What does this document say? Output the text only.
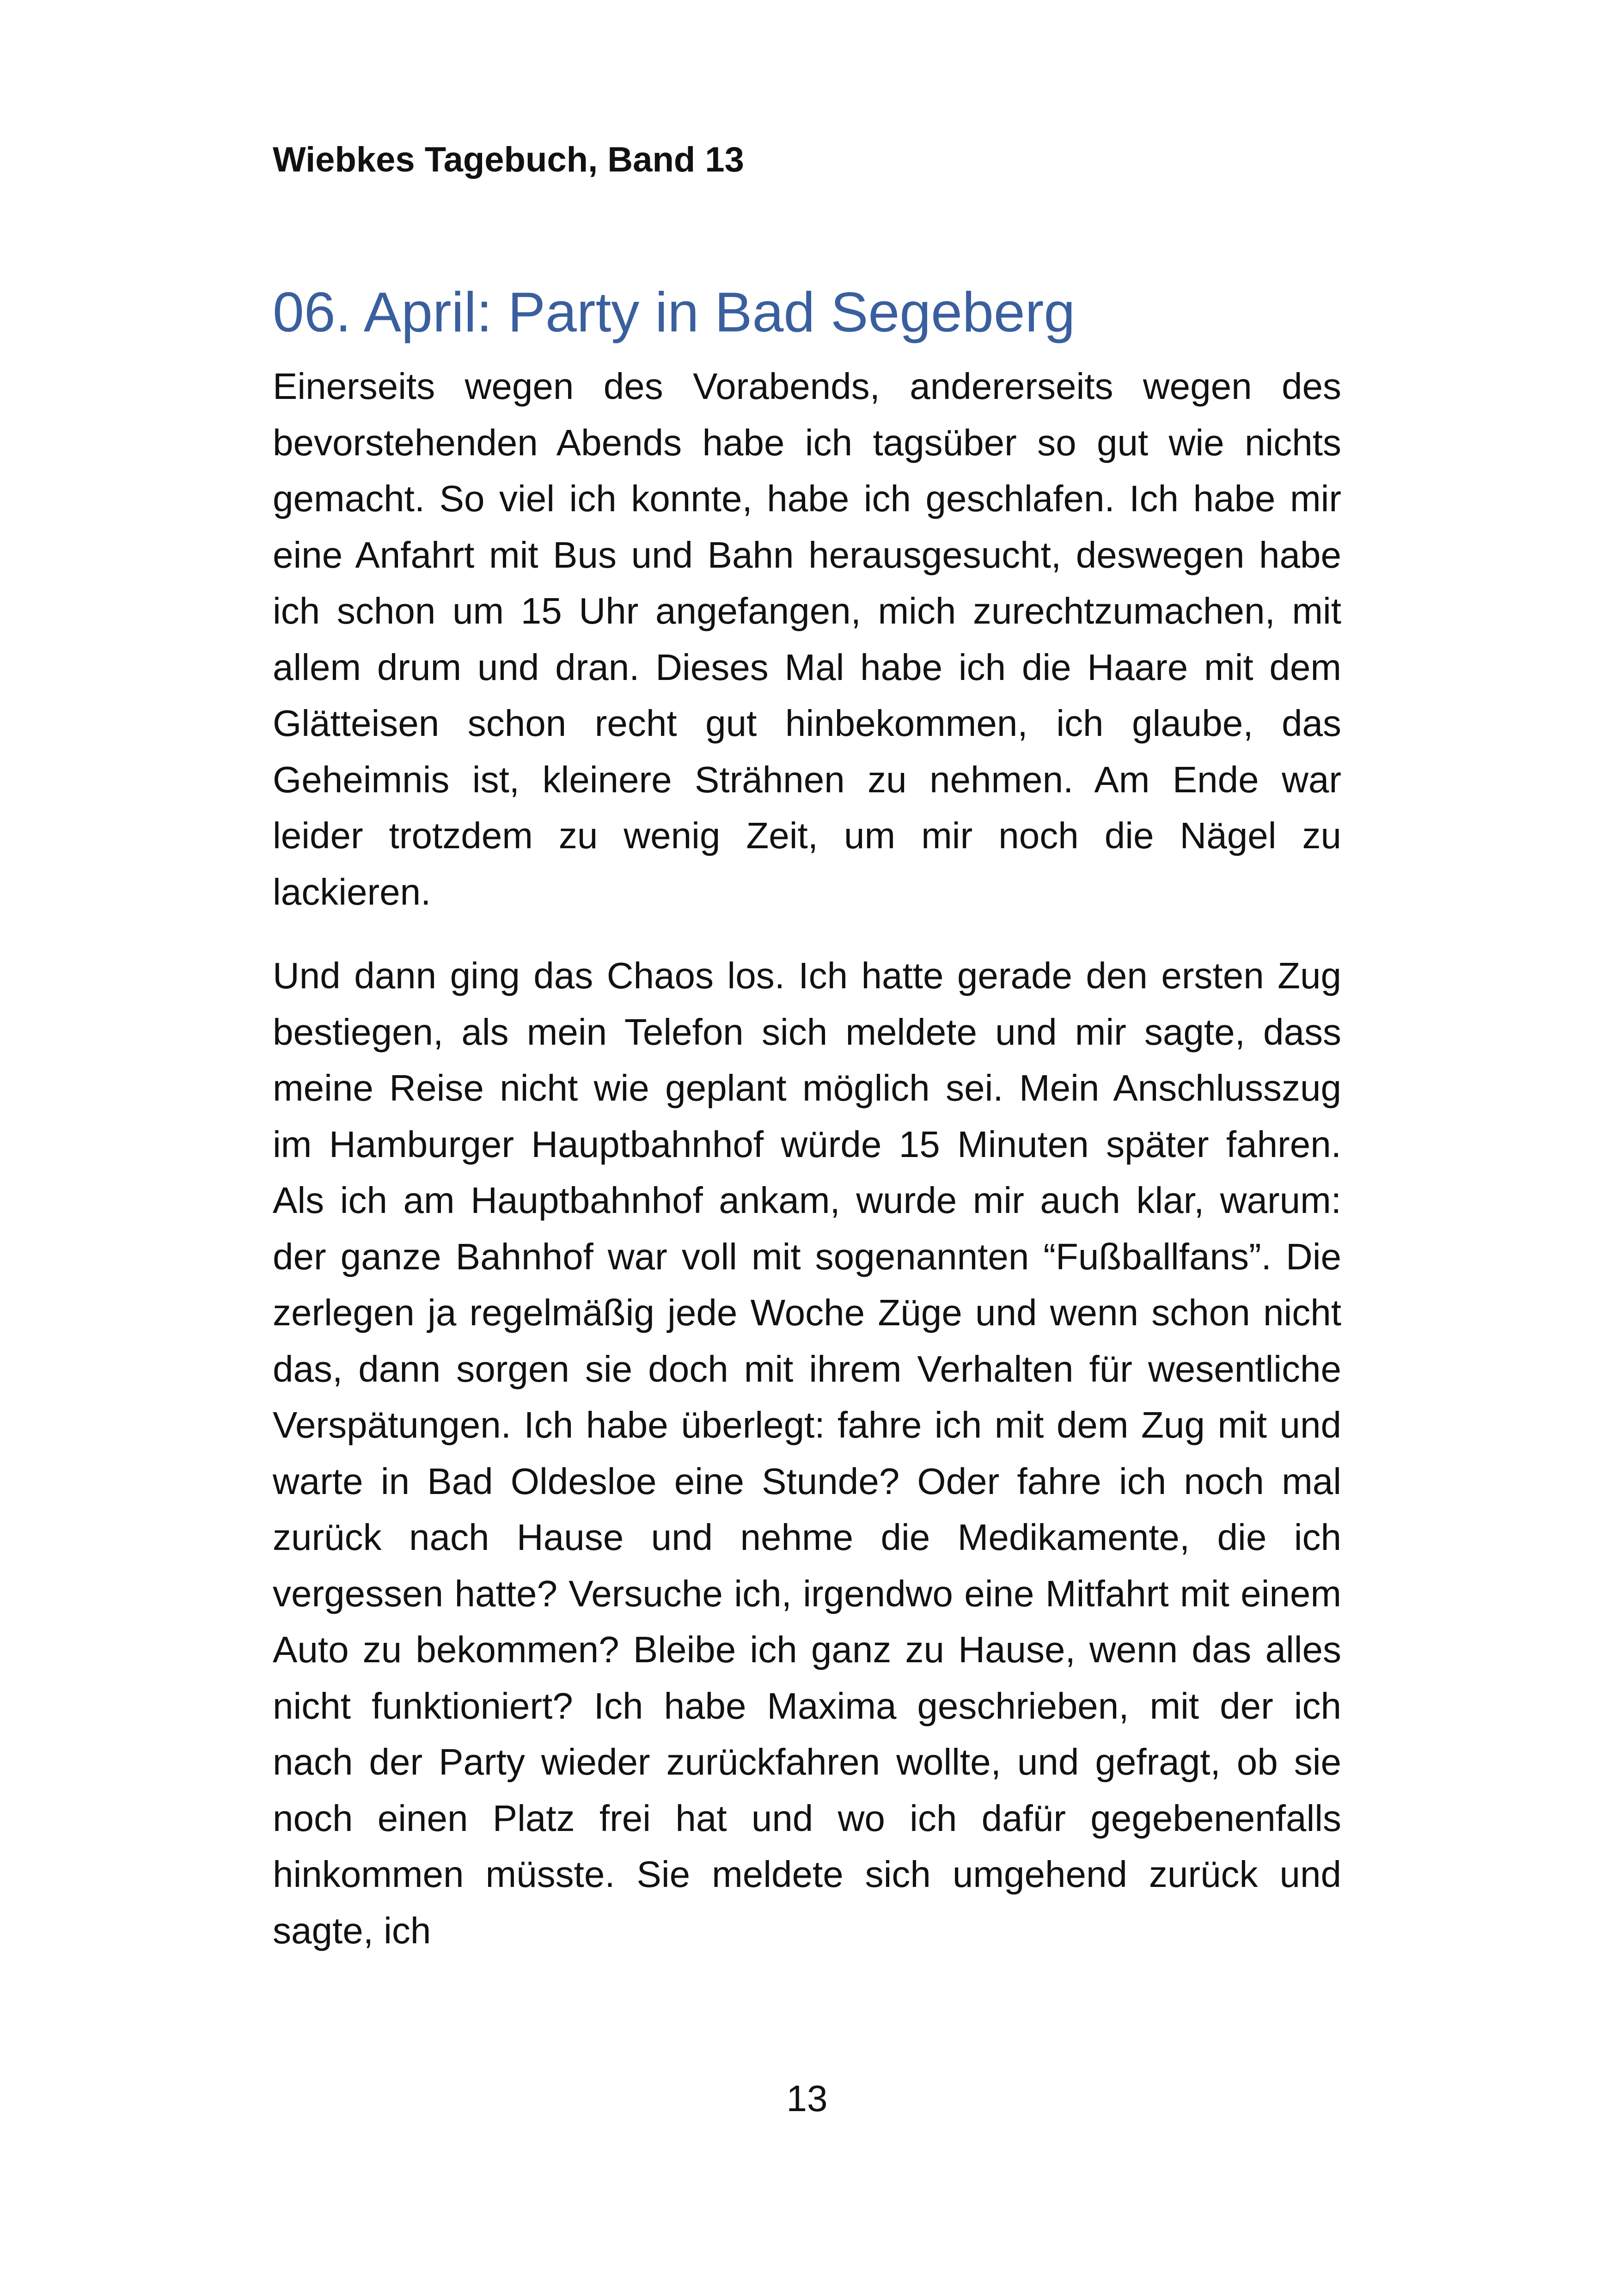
Wiebkes Tagebuch, Band 13
06. April: Party in Bad Segeberg

Einerseits wegen des Vorabends, andererseits wegen des bevorstehenden Abends habe ich tagsüber so gut wie nichts gemacht. So viel ich konnte, habe ich geschlafen. Ich habe mir eine Anfahrt mit Bus und Bahn herausgesucht, deswegen habe ich schon um 15 Uhr angefangen, mich zurechtzumachen, mit allem drum und dran. Dieses Mal habe ich die Haare mit dem Glätteisen schon recht gut hinbekommen, ich glaube, das Geheimnis ist, kleinere Strähnen zu nehmen. Am Ende war leider trotzdem zu wenig Zeit, um mir noch die Nägel zu lackieren.

Und dann ging das Chaos los. Ich hatte gerade den ersten Zug bestiegen, als mein Telefon sich meldete und mir sagte, dass meine Reise nicht wie geplant möglich sei. Mein Anschlusszug im Hamburger Hauptbahnhof würde 15 Minuten später fahren. Als ich am Hauptbahnhof ankam, wurde mir auch klar, warum: der ganze Bahnhof war voll mit sogenannten “Fußballfans”. Die zerlegen ja regelmäßig jede Woche Züge und wenn schon nicht das, dann sorgen sie doch mit ihrem Verhalten für wesentliche Verspätungen. Ich habe überlegt: fahre ich mit dem Zug mit und warte in Bad Oldesloe eine Stunde? Oder fahre ich noch mal zurück nach Hause und nehme die Medikamente, die ich vergessen hatte? Versuche ich, irgendwo eine Mitfahrt mit einem Auto zu bekommen? Bleibe ich ganz zu Hause, wenn das alles nicht funktioniert? Ich habe Maxima geschrieben, mit der ich nach der Party wieder zurückfahren wollte, und gefragt, ob sie noch einen Platz frei hat und wo ich dafür gegebenenfalls hinkommen müsste. Sie meldete sich umgehend zurück und sagte, ich

13
